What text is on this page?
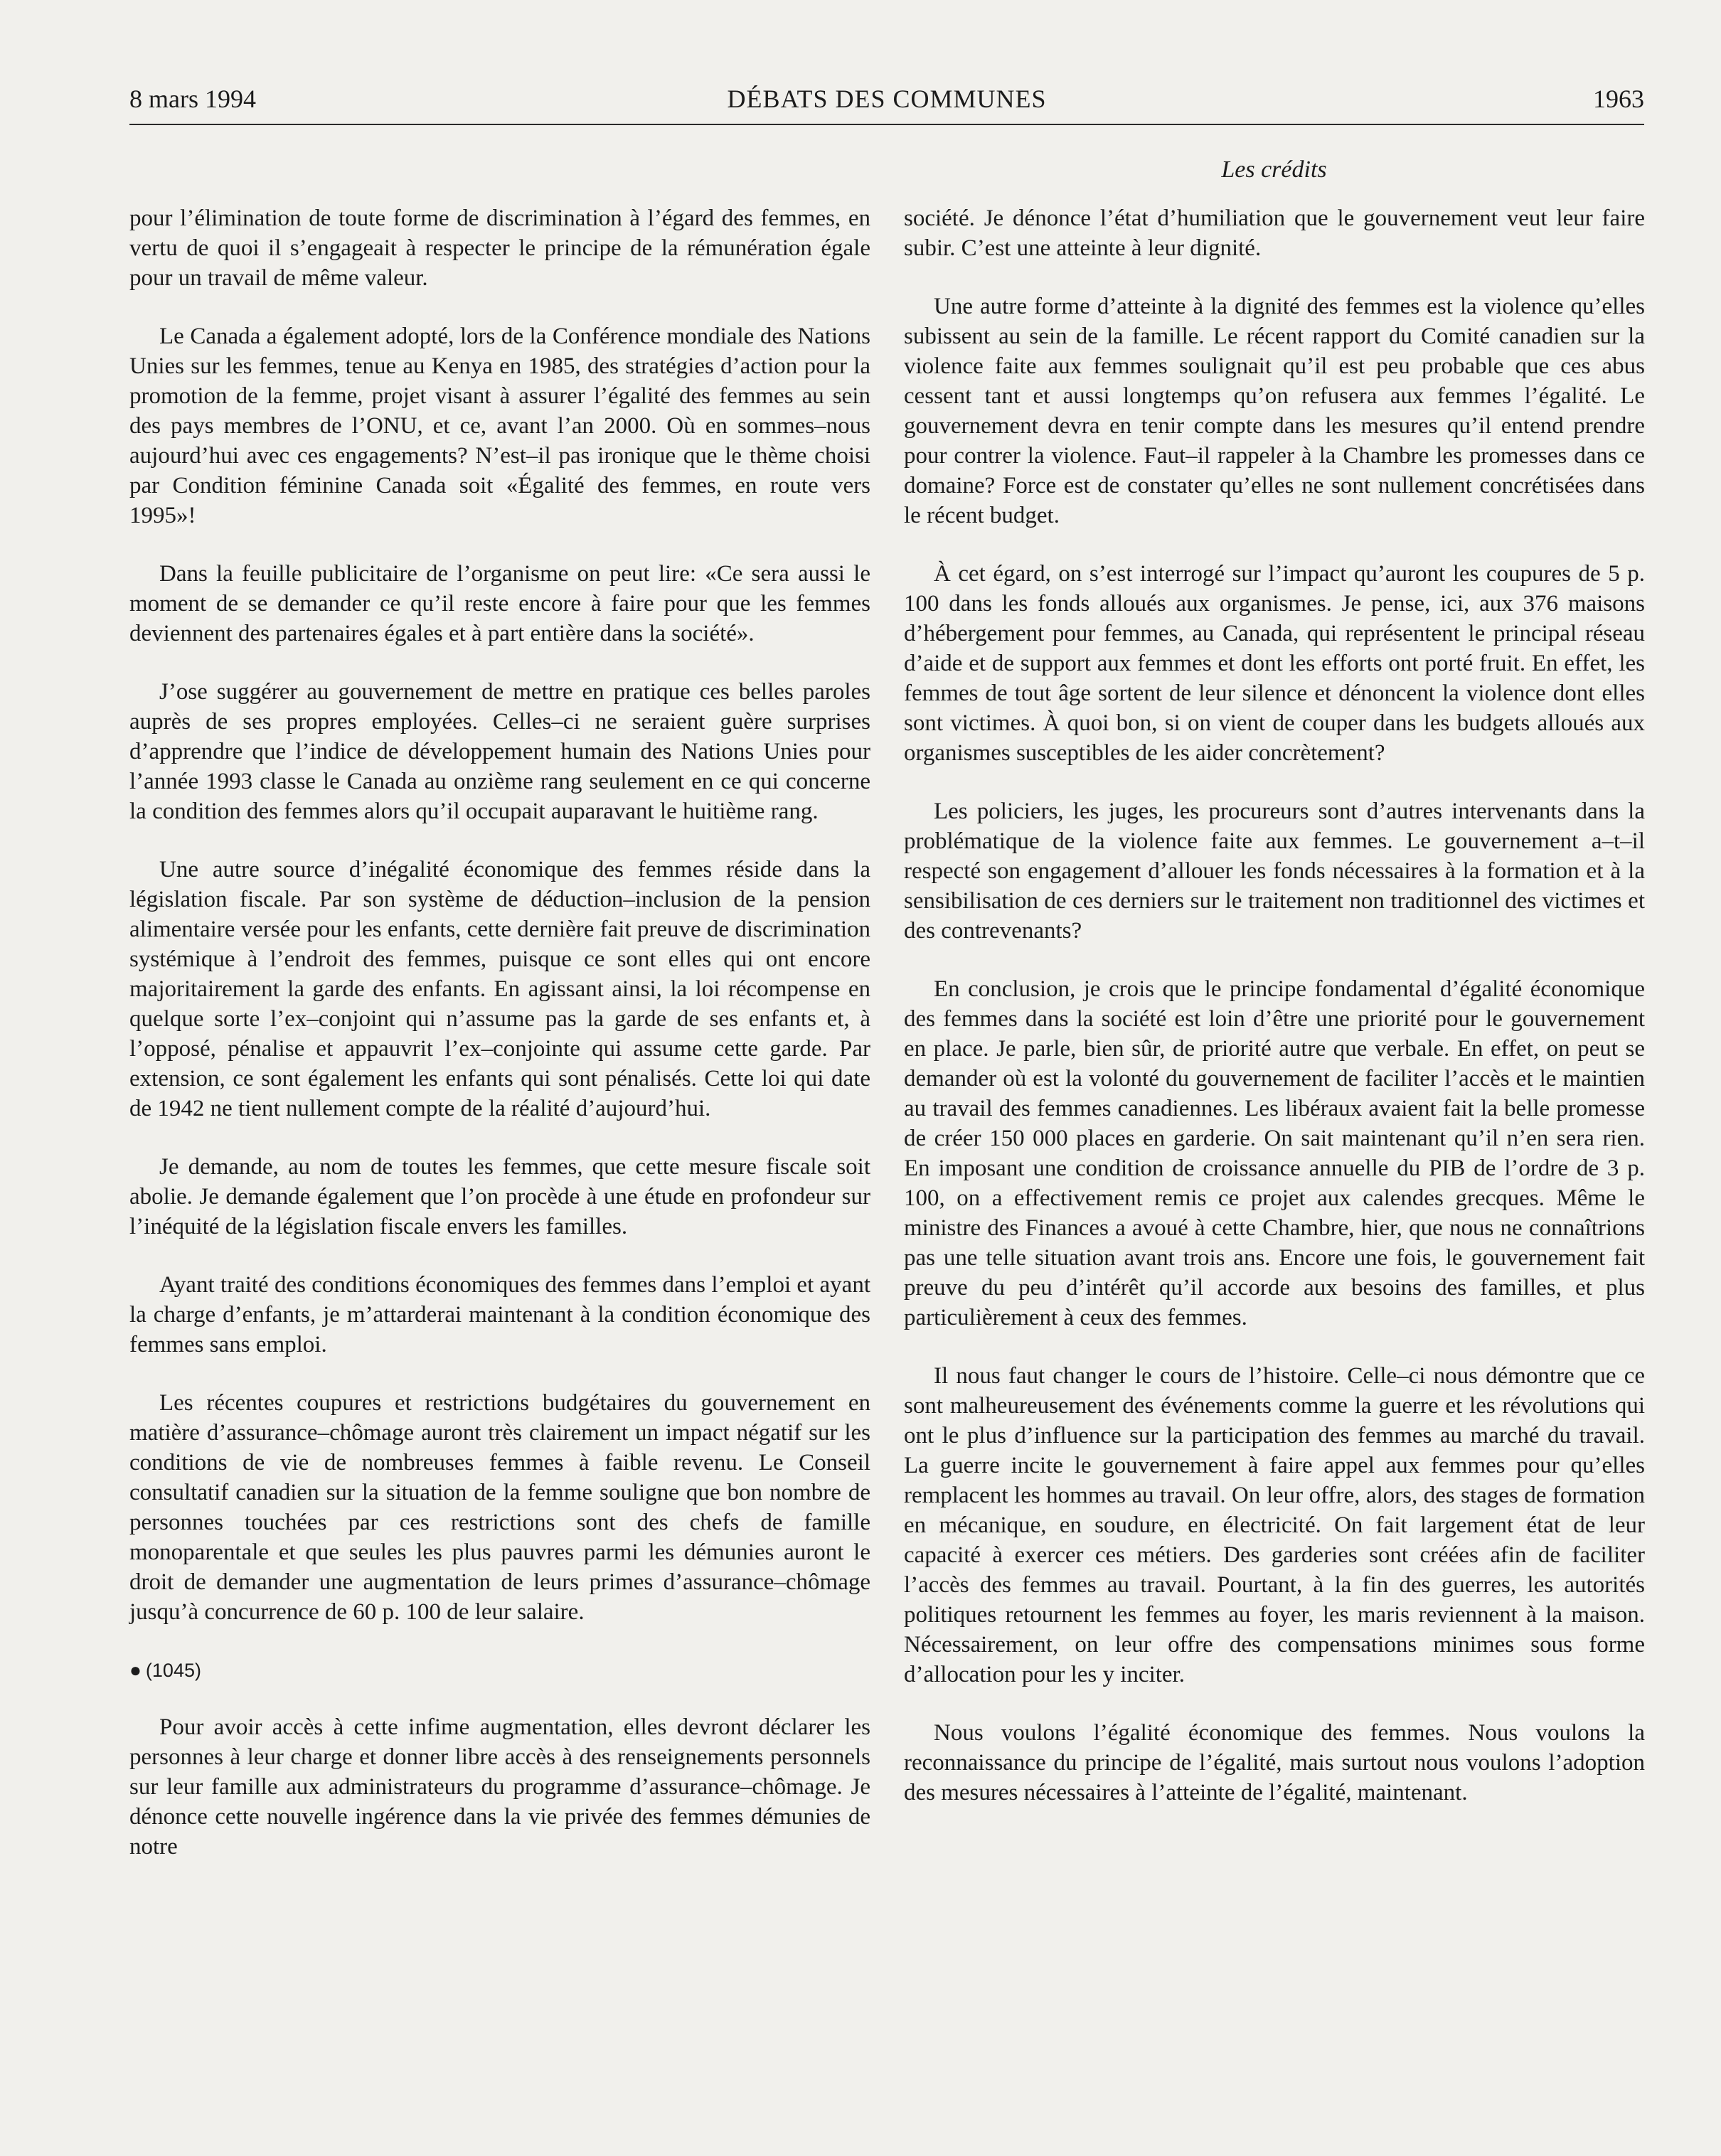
8 mars 1994	DÉBATS DES COMMUNES	1963
Les crédits

pour l’élimination de toute forme de discrimination à l’égard des femmes, en vertu de quoi il s’engageait à respecter le principe de la rémunération égale pour un travail de même valeur.

Le Canada a également adopté, lors de la Conférence mondiale des Nations Unies sur les femmes, tenue au Kenya en 1985, des stratégies d’action pour la promotion de la femme, projet visant à assurer l’égalité des femmes au sein des pays membres de l’ONU, et ce, avant l’an 2000. Où en sommes–nous aujourd’hui avec ces engagements? N’est–il pas ironique que le thème choisi par Condition féminine Canada soit «Égalité des femmes, en route vers 1995»!

Dans la feuille publicitaire de l’organisme on peut lire: «Ce sera aussi le moment de se demander ce qu’il reste encore à faire pour que les femmes deviennent des partenaires égales et à part entière dans la société».

J’ose suggérer au gouvernement de mettre en pratique ces belles paroles auprès de ses propres employées. Celles–ci ne seraient guère surprises d’apprendre que l’indice de développement humain des Nations Unies pour l’année 1993 classe le Canada au onzième rang seulement en ce qui concerne la condition des femmes alors qu’il occupait auparavant le huitième rang.

Une autre source d’inégalité économique des femmes réside dans la législation fiscale. Par son système de déduction–inclusion de la pension alimentaire versée pour les enfants, cette dernière fait preuve de discrimination systémique à l’endroit des femmes, puisque ce sont elles qui ont encore majoritairement la garde des enfants. En agissant ainsi, la loi récompense en quelque sorte l’ex–conjoint qui n’assume pas la garde de ses enfants et, à l’opposé, pénalise et appauvrit l’ex–conjointe qui assume cette garde. Par extension, ce sont également les enfants qui sont pénalisés. Cette loi qui date de 1942 ne tient nullement compte de la réalité d’aujourd’hui.

Je demande, au nom de toutes les femmes, que cette mesure fiscale soit abolie. Je demande également que l’on procède à une étude en profondeur sur l’inéquité de la législation fiscale envers les familles.

Ayant traité des conditions économiques des femmes dans l’emploi et ayant la charge d’enfants, je m’attarderai maintenant à la condition économique des femmes sans emploi.

Les récentes coupures et restrictions budgétaires du gouvernement en matière d’assurance–chômage auront très clairement un impact négatif sur les conditions de vie de nombreuses femmes à faible revenu. Le Conseil consultatif canadien sur la situation de la femme souligne que bon nombre de personnes touchées par ces restrictions sont des chefs de famille monoparentale et que seules les plus pauvres parmi les démunies auront le droit de demander une augmentation de leurs primes d’assurance–chômage jusqu’à concurrence de 60 p. 100 de leur salaire.

● (1045)

Pour avoir accès à cette infime augmentation, elles devront déclarer les personnes à leur charge et donner libre accès à des renseignements personnels sur leur famille aux administrateurs du programme d’assurance–chômage. Je dénonce cette nouvelle ingérence dans la vie privée des femmes démunies de notre

société. Je dénonce l’état d’humiliation que le gouvernement veut leur faire subir. C’est une atteinte à leur dignité.

Une autre forme d’atteinte à la dignité des femmes est la violence qu’elles subissent au sein de la famille. Le récent rapport du Comité canadien sur la violence faite aux femmes soulignait qu’il est peu probable que ces abus cessent tant et aussi longtemps qu’on refusera aux femmes l’égalité. Le gouvernement devra en tenir compte dans les mesures qu’il entend prendre pour contrer la violence. Faut–il rappeler à la Chambre les promesses dans ce domaine? Force est de constater qu’elles ne sont nullement concrétisées dans le récent budget.

À cet égard, on s’est interrogé sur l’impact qu’auront les coupures de 5 p. 100 dans les fonds alloués aux organismes. Je pense, ici, aux 376 maisons d’hébergement pour femmes, au Canada, qui représentent le principal réseau d’aide et de support aux femmes et dont les efforts ont porté fruit. En effet, les femmes de tout âge sortent de leur silence et dénoncent la violence dont elles sont victimes. À quoi bon, si on vient de couper dans les budgets alloués aux organismes susceptibles de les aider concrètement?

Les policiers, les juges, les procureurs sont d’autres intervenants dans la problématique de la violence faite aux femmes. Le gouvernement a–t–il respecté son engagement d’allouer les fonds nécessaires à la formation et à la sensibilisation de ces derniers sur le traitement non traditionnel des victimes et des contrevenants?

En conclusion, je crois que le principe fondamental d’égalité économique des femmes dans la société est loin d’être une priorité pour le gouvernement en place. Je parle, bien sûr, de priorité autre que verbale. En effet, on peut se demander où est la volonté du gouvernement de faciliter l’accès et le maintien au travail des femmes canadiennes. Les libéraux avaient fait la belle promesse de créer 150 000 places en garderie. On sait maintenant qu’il n’en sera rien. En imposant une condition de croissance annuelle du PIB de l’ordre de 3 p. 100, on a effectivement remis ce projet aux calendes grecques. Même le ministre des Finances a avoué à cette Chambre, hier, que nous ne connaîtrions pas une telle situation avant trois ans. Encore une fois, le gouvernement fait preuve du peu d’intérêt qu’il accorde aux besoins des familles, et plus particulièrement à ceux des femmes.

Il nous faut changer le cours de l’histoire. Celle–ci nous démontre que ce sont malheureusement des événements comme la guerre et les révolutions qui ont le plus d’influence sur la participation des femmes au marché du travail. La guerre incite le gouvernement à faire appel aux femmes pour qu’elles remplacent les hommes au travail. On leur offre, alors, des stages de formation en mécanique, en soudure, en électricité. On fait largement état de leur capacité à exercer ces métiers. Des garderies sont créées afin de faciliter l’accès des femmes au travail. Pourtant, à la fin des guerres, les autorités politiques retournent les femmes au foyer, les maris reviennent à la maison. Nécessairement, on leur offre des compensations minimes sous forme d’allocation pour les y inciter.

Nous voulons l’égalité économique des femmes. Nous voulons la reconnaissance du principe de l’égalité, mais surtout nous voulons l’adoption des mesures nécessaires à l’atteinte de l’égalité, maintenant.
